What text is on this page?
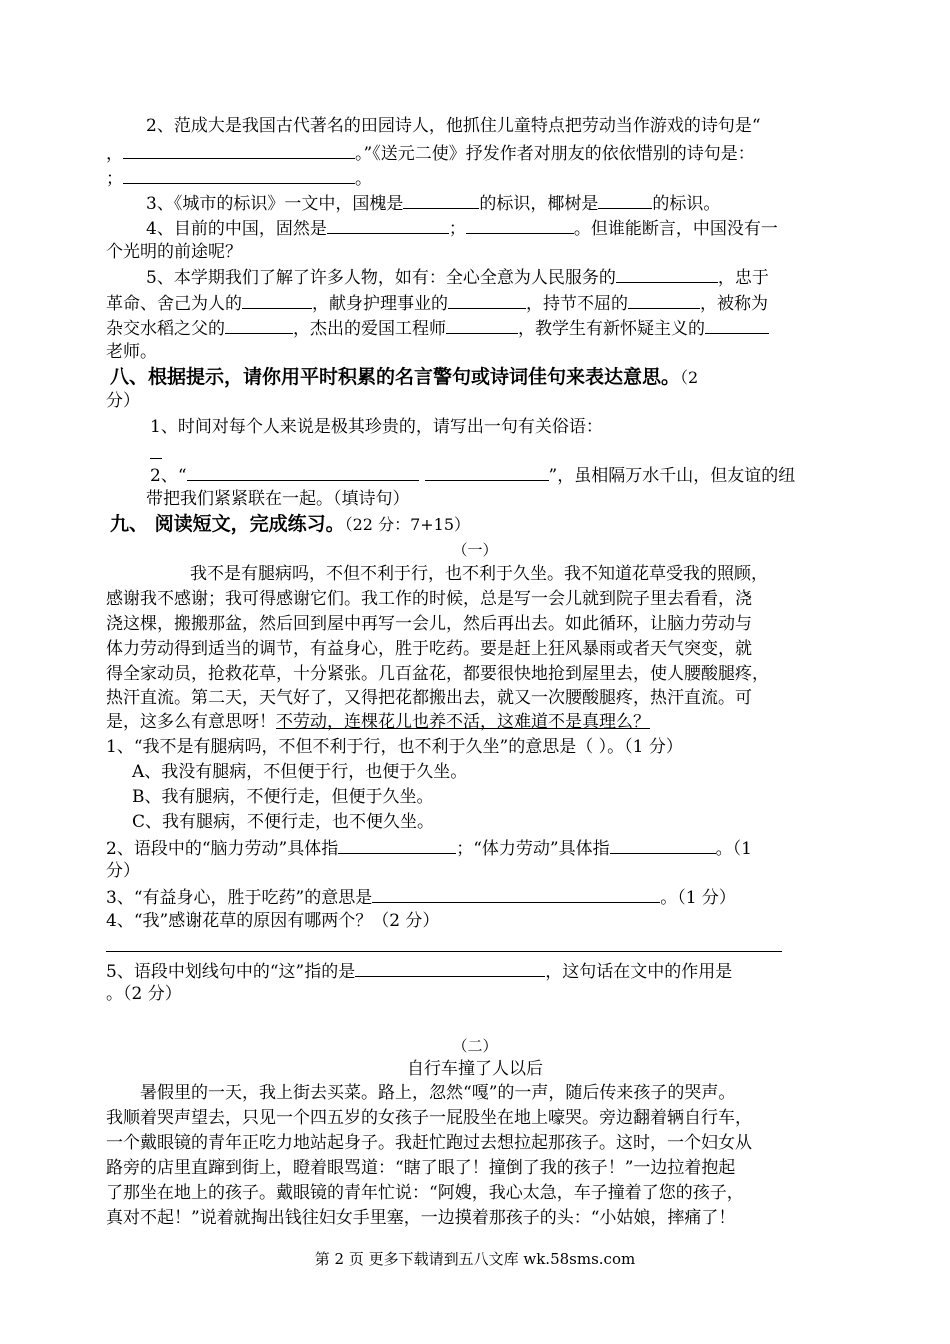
2、范成大是我国古代著名的田园诗人，他抓住儿童特点把劳动当作游戏的诗句是“
，	。”《送元二使》抒发作者对朋友的依依惜别的诗句是：
；	。
3、《城市的标识》一文中，国槐是	的标识，椰树是	的标识。
4、目前的中国，固然是	；	。但谁能断言，中国没有一
个光明的前途呢？
5、本学期我们了解了许多人物，如有：全心全意为人民服务的	，忠于
革命、舍己为人的	，献身护理事业的	，持节不屈的	，被称为
杂交水稻之父的	，杰出的爱国工程师	，教学生有新怀疑主义的
老师。
八、根据提示，请你用平时积累的名言警句或诗词佳句来表达意思。（2
分）
1、时间对每个人来说是极其珍贵的，请写出一句有关俗语：
2、“	”，虽相隔万水千山，但友谊的纽
带把我们紧紧联在一起。（填诗句）
九、 阅读短文，完成练习。（22 分：7+15）
（一）
我不是有腿病吗，不但不利于行，也不利于久坐。我不知道花草受我的照顾，
感谢我不感谢；我可得感谢它们。我工作的时候，总是写一会儿就到院子里去看看，浇
浇这棵，搬搬那盆，然后回到屋中再写一会儿，然后再出去。如此循环，让脑力劳动与
体力劳动得到适当的调节，有益身心，胜于吃药。要是赶上狂风暴雨或者天气突变，就
得全家动员，抢救花草，十分紧张。几百盆花，都要很快地抢到屋里去，使人腰酸腿疼，
热汗直流。第二天，天气好了，又得把花都搬出去，就又一次腰酸腿疼，热汗直流。可
是，这多么有意思呀！不劳动，连棵花儿也养不活，这难道不是真理么？
1、“我不是有腿病吗，不但不利于行，也不利于久坐”的意思是（ ）。（1 分）
A、我没有腿病，不但便于行，也便于久坐。
B、我有腿病，不便行走，但便于久坐。
C、我有腿病，不便行走，也不便久坐。
2、语段中的“脑力劳动”具体指	；“体力劳动”具体指	。（1
分）
3、“有益身心，胜于吃药”的意思是	。（1 分）
4、“我”感谢花草的原因有哪两个？（2 分）
5、语段中划线句中的“这”指的是	，这句话在文中的作用是
。（2 分）
（二）
自行车撞了人以后
暑假里的一天，我上街去买菜。路上，忽然“嘎”的一声，随后传来孩子的哭声。
我顺着哭声望去，只见一个四五岁的女孩子一屁股坐在地上嚎哭。旁边翻着辆自行车，
一个戴眼镜的青年正吃力地站起身子。我赶忙跑过去想拉起那孩子。这时，一个妇女从
路旁的店里直蹿到街上，瞪着眼骂道：“瞎了眼了！撞倒了我的孩子！”一边拉着抱起
了那坐在地上的孩子。戴眼镜的青年忙说：“阿嫂，我心太急，车子撞着了您的孩子，
真对不起！”说着就掏出钱往妇女手里塞，一边摸着那孩子的头：“小姑娘，摔痛了！
第 2 页 更多下载请到五八文库 wk.58sms.com
